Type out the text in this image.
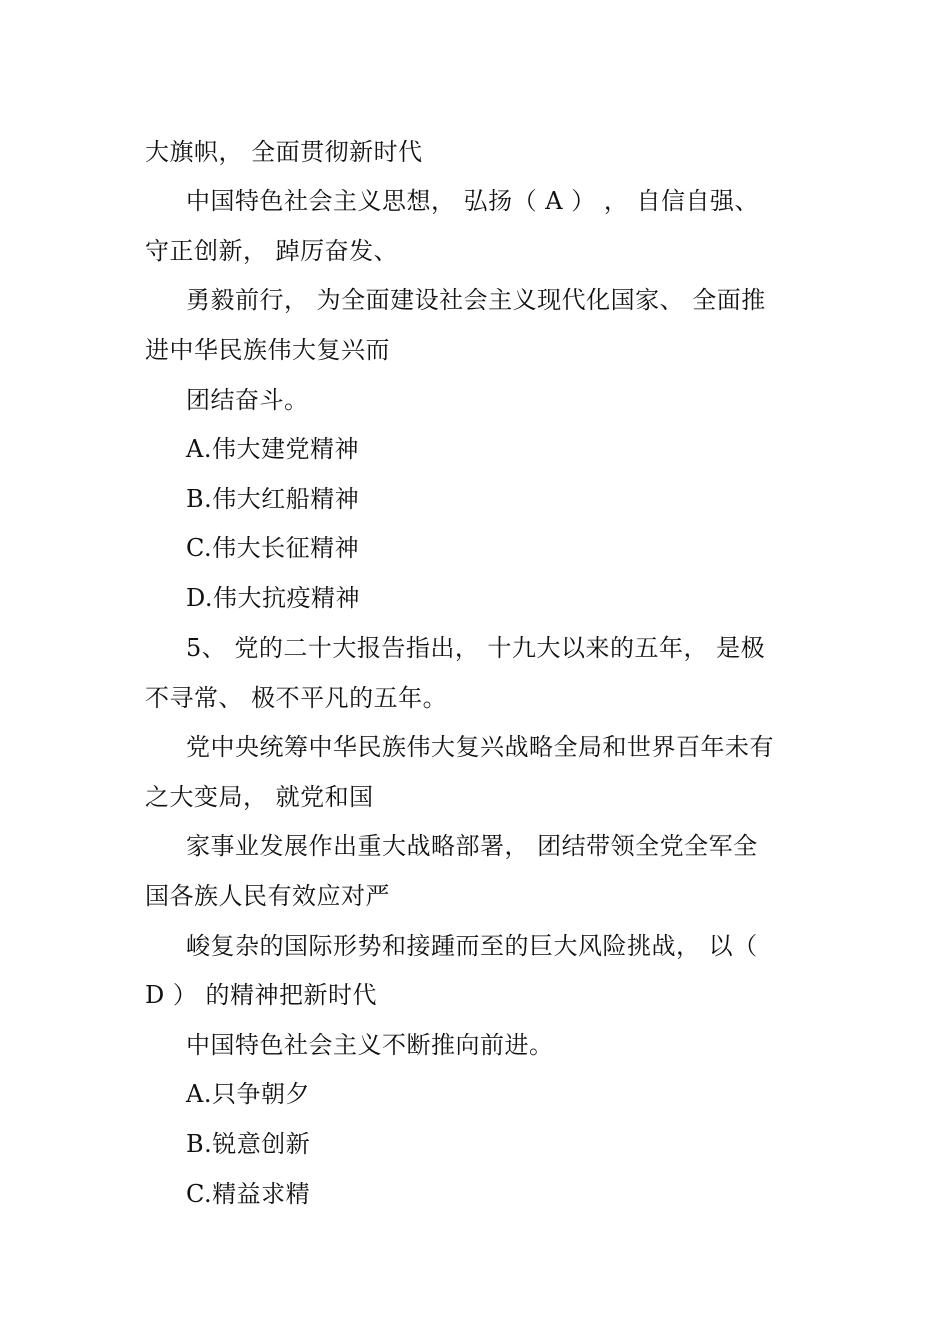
大旗帜， 全面贯彻新时代
中国特色社会主义思想， 弘扬（ A ） ， 自信自强、
守正创新， 踔厉奋发、
勇毅前行， 为全面建设社会主义现代化国家、 全面推
进中华民族伟大复兴而
团结奋斗。
A.伟大建党精神
B.伟大红船精神
C.伟大长征精神
D.伟大抗疫精神
5、 党的二十大报告指出， 十九大以来的五年， 是极
不寻常、 极不平凡的五年。
党中央统筹中华民族伟大复兴战略全局和世界百年未有
之大变局， 就党和国
家事业发展作出重大战略部署， 团结带领全党全军全
国各族人民有效应对严
峻复杂的国际形势和接踵而至的巨大风险挑战， 以（
D ） 的精神把新时代
中国特色社会主义不断推向前进。
A.只争朝夕
B.锐意创新
C.精益求精
